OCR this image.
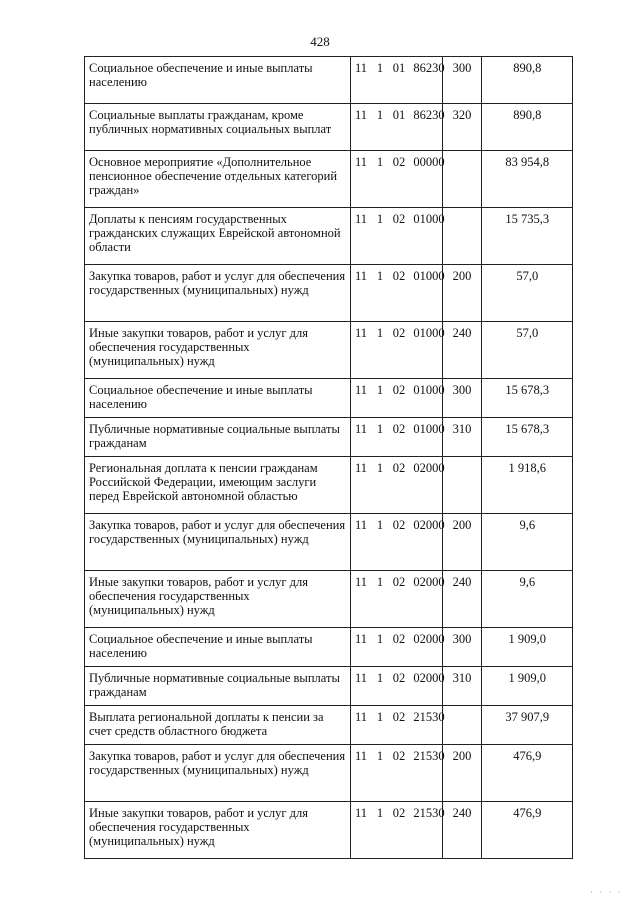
428
Социальное обеспечение и иные выплаты населению	11 1 01 86230	300	890,8
Социальные выплаты гражданам, кроме публичных нормативных социальных выплат	11 1 01 86230	320	890,8
Основное мероприятие «Дополнительное пенсионное обеспечение отдельных категорий граждан»	11 1 02 00000		83 954,8
Доплаты к пенсиям государственных гражданских служащих Еврейской автономной области	11 1 02 01000		15 735,3
Закупка товаров, работ и услуг для обеспечения государственных (муниципальных) нужд	11 1 02 01000	200	57,0
Иные закупки товаров, работ и услуг для обеспечения государственных (муниципальных) нужд	11 1 02 01000	240	57,0
Социальное обеспечение и иные выплаты населению	11 1 02 01000	300	15 678,3
Публичные нормативные социальные выплаты гражданам	11 1 02 01000	310	15 678,3
Региональная доплата к пенсии гражданам Российской Федерации, имеющим заслуги перед Еврейской автономной областью	11 1 02 02000		1 918,6
Закупка товаров, работ и услуг для обеспечения государственных (муниципальных) нужд	11 1 02 02000	200	9,6
Иные закупки товаров, работ и услуг для обеспечения государственных (муниципальных) нужд	11 1 02 02000	240	9,6
Социальное обеспечение и иные выплаты населению	11 1 02 02000	300	1 909,0
Публичные нормативные социальные выплаты гражданам	11 1 02 02000	310	1 909,0
Выплата региональной доплаты к пенсии за счет средств областного бюджета	11 1 02 21530		37 907,9
Закупка товаров, работ и услуг для обеспечения государственных (муниципальных) нужд	11 1 02 21530	200	476,9
Иные закупки товаров, работ и услуг для обеспечения государственных (муниципальных) нужд	11 1 02 21530	240	476,9
· · · ·
